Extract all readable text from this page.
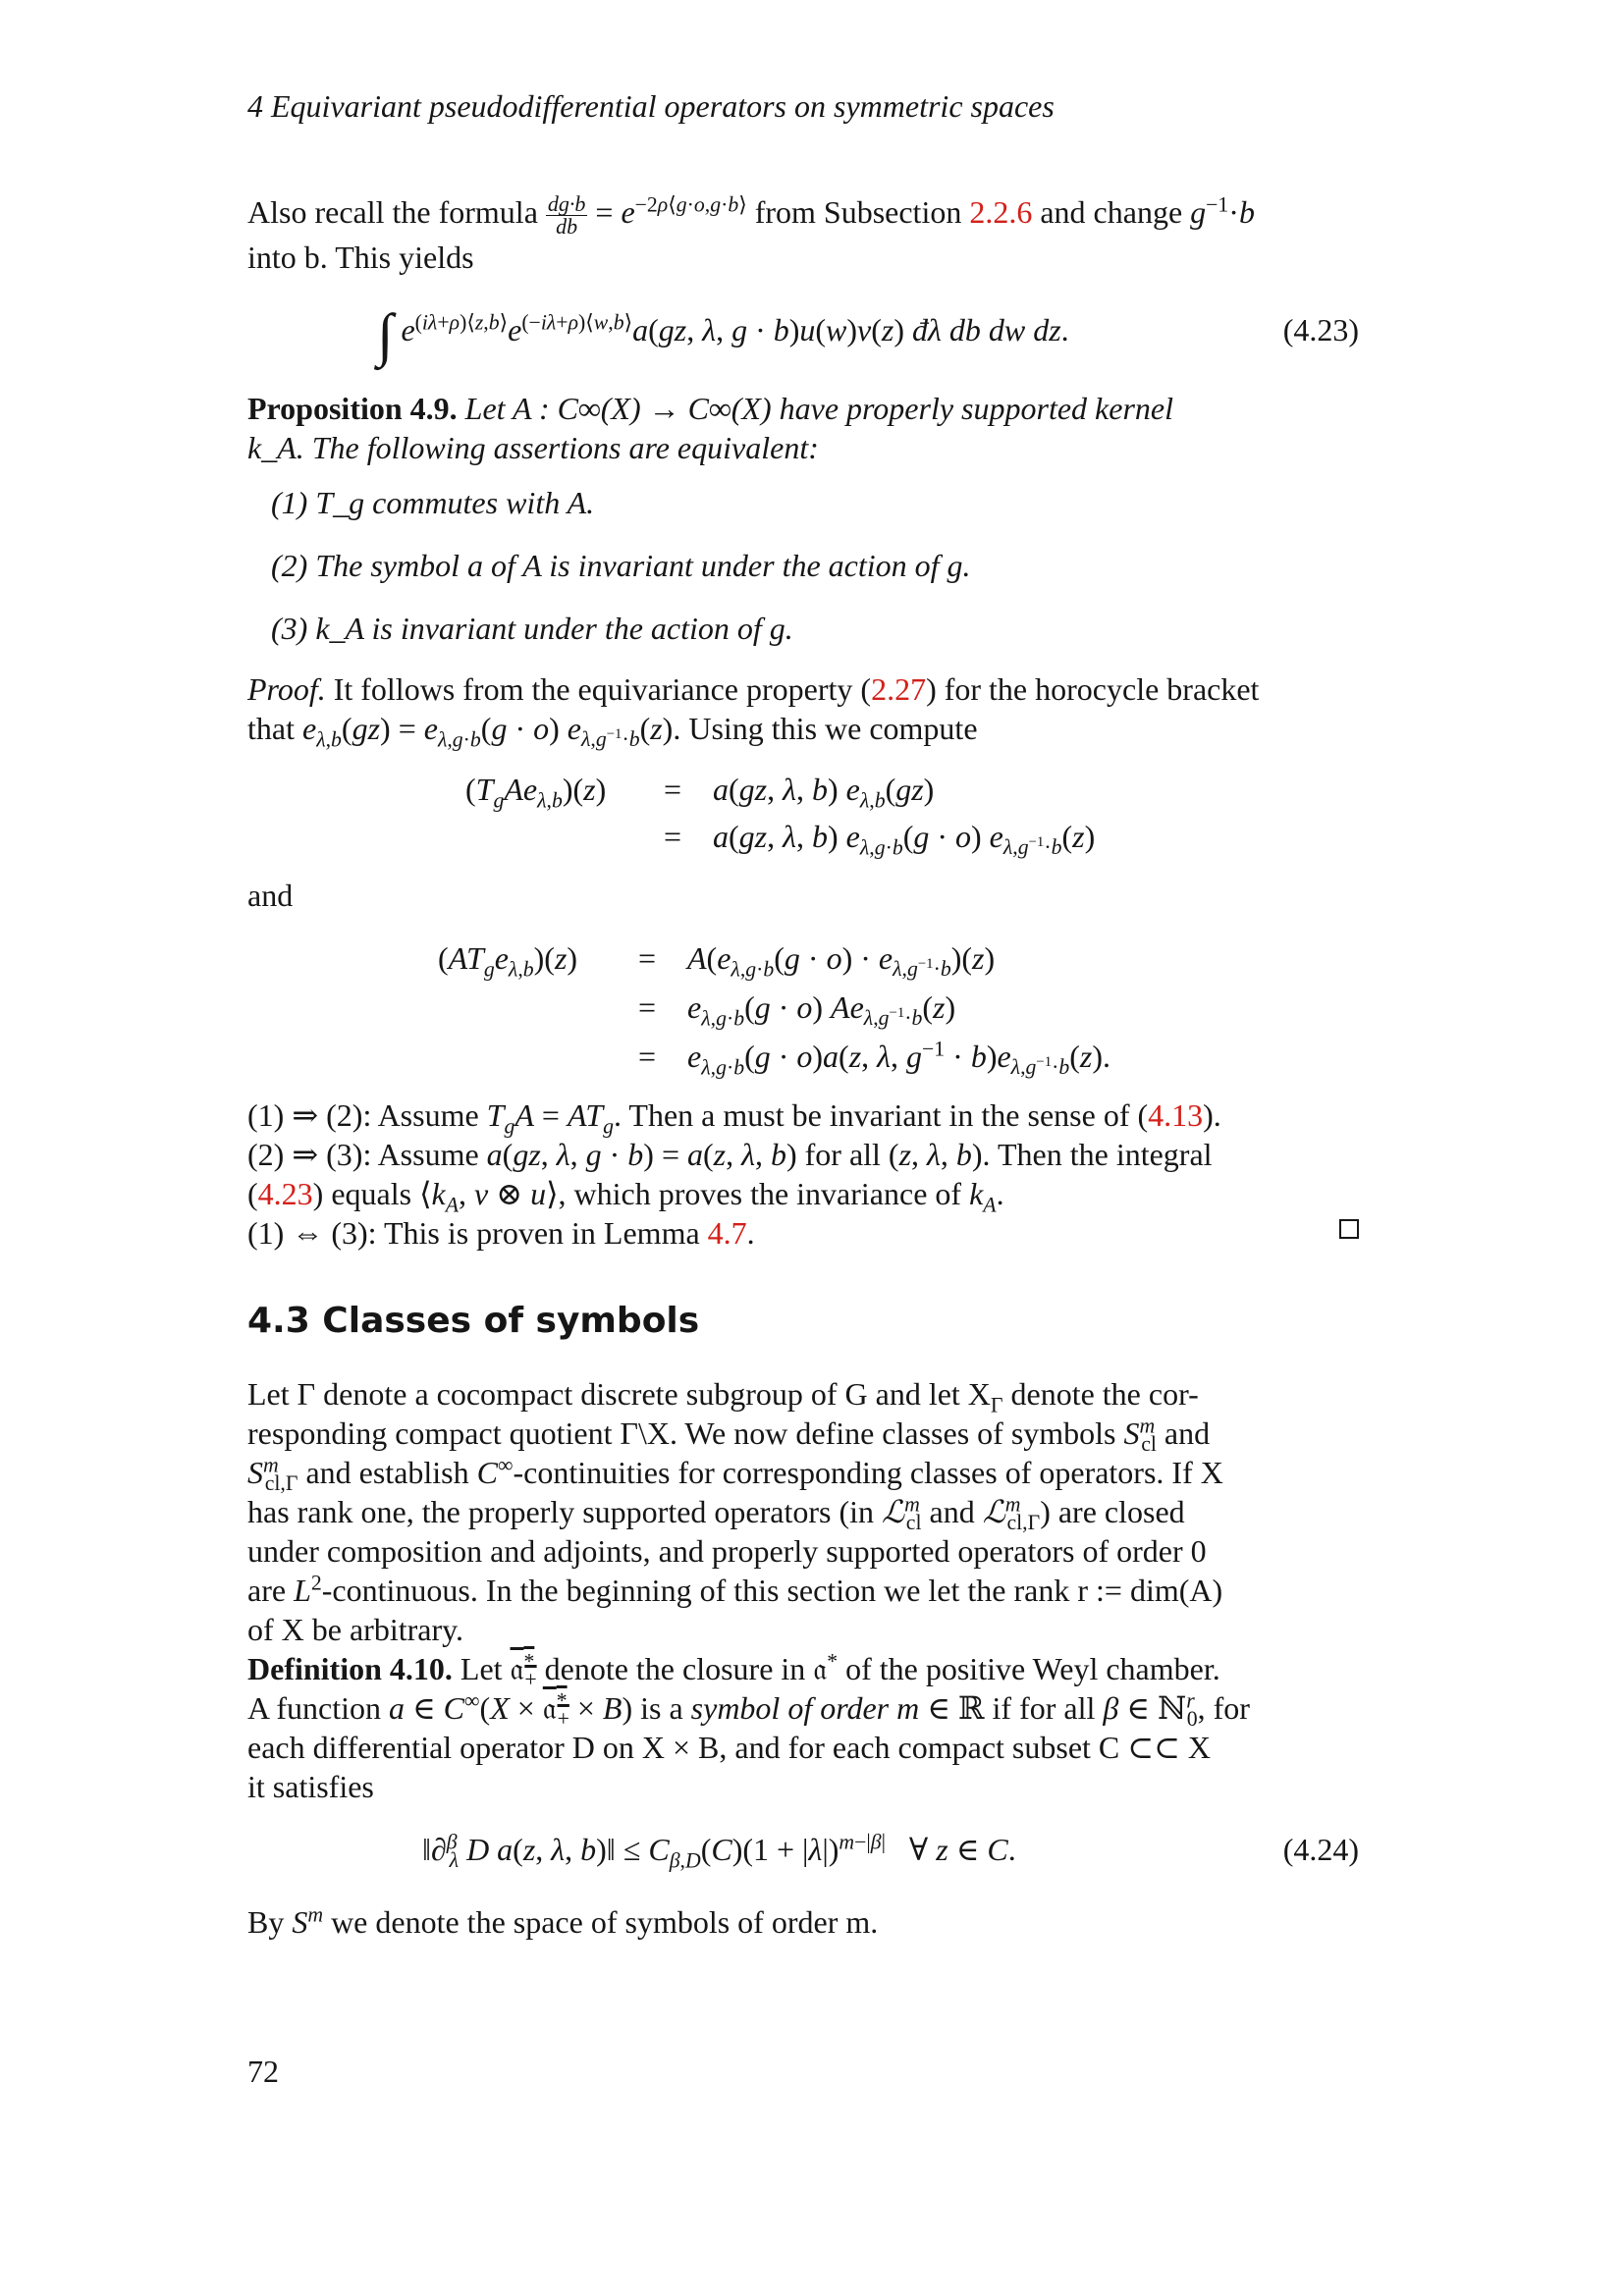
4 Equivariant pseudodifferential operators on symmetric spaces
Also recall the formula $\frac{dg\cdot b}{db} = e^{-2\rho⟨g\cdot o,g\cdot b⟩}$ from Subsection 2.2.6 and change $g^{-1}\cdot b$
into b. This yields
∫ $e^{(i\lambda+\rho)⟨z,b⟩}e^{(-i\lambda+\rho)⟨w,b⟩}a(gz$, λ, g · b)u(w)v(z) đλ db dw dz.	(4.23)
Proposition 4.9. Let A : C∞(X) → C∞(X) have properly supported kernel
k_A. The following assertions are equivalent:
(1) T_g commutes with A.
(2) The symbol a of A is invariant under the action of g.
(3) k_A is invariant under the action of g.
Proof. It follows from the equivariance property (2.27) for the horocycle bracket
that $e_{\lambda,b}(gz) = e_{\lambda,g\cdot b}(g \cdot o)$ $e_{\lambda,g^{-1}\cdot b}(z)$. Using this we compute
$(T_gAe_{\lambda,b})(z) = a(gz$, λ, b) $e_{\lambda,b}(gz)$
= a(gz, λ, b) $e_{\lambda,g\cdot b}(g \cdot o)$ $e_{\lambda,g^{-1}\cdot b}(z)$
and
$(AT_ge_{\lambda,b})(z) = A(e_{\lambda,g\cdot b}(g \cdot o) \cdot e_{\lambda,g^{-1}\cdot b})(z)$
= $e_{\lambda,g\cdot b}(g \cdot o)$ $Ae_{\lambda,g^{-1}\cdot b}(z)$
= $e_{\lambda,g\cdot b}(g \cdot o)a(z$, λ, $g^{-1} \cdot b)e_{\lambda,g^{-1}\cdot b}(z)$.
(1) ⇒ (2): Assume $T_gA = AT_g$. Then a must be invariant in the sense of (4.13).
(2) ⇒ (3): Assume a(gz, λ, g · b) = a(z, λ, b) for all (z, λ, b). Then the integral
(4.23) equals $⟨k_A$, v ⊗ u⟩, which proves the invariance of $k_A$.
(1) ⇔ (3): This is proven in Lemma 4.7.
4.3 Classes of symbols
Let Γ denote a cocompact discrete subgroup of G and let $X_\Gamma$ denote the cor-
responding compact quotient Γ\X. We now define classes of symbols $S^m_{cl}$ and
$S^m_{cl,\Gamma}$ and establish C∞-continuities for corresponding classes of operators. If X
has rank one, the properly supported operators (in ℒ$^m_{cl}$ and ℒ$^m_{cl,\Gamma}$) are closed
under composition and adjoints, and properly supported operators of order 0
are $L^2$-continuous. In the beginning of this section we let the rank r := dim(A)
of X be arbitrary.
Definition 4.10. Let 𝔞*$_+$ denote the closure in 𝔞* of the positive Weyl chamber.
A function a ∈ C∞(X × 𝔞*$_+$ × B) is a symbol of order m ∈ ℝ if for all β ∈ ℕ$^r_0$, for
each differential operator D on X × B, and for each compact subset C ⊂⊂ X
it satisfies
‖∂$^\beta_\lambda$ D a(z, λ, b)‖ ≤ $C_{\beta,D}(C)(1 + |\lambda|)^{m-|\beta|}$   ∀ z ∈ C.	(4.24)
By $S^m$ we denote the space of symbols of order m.
72
